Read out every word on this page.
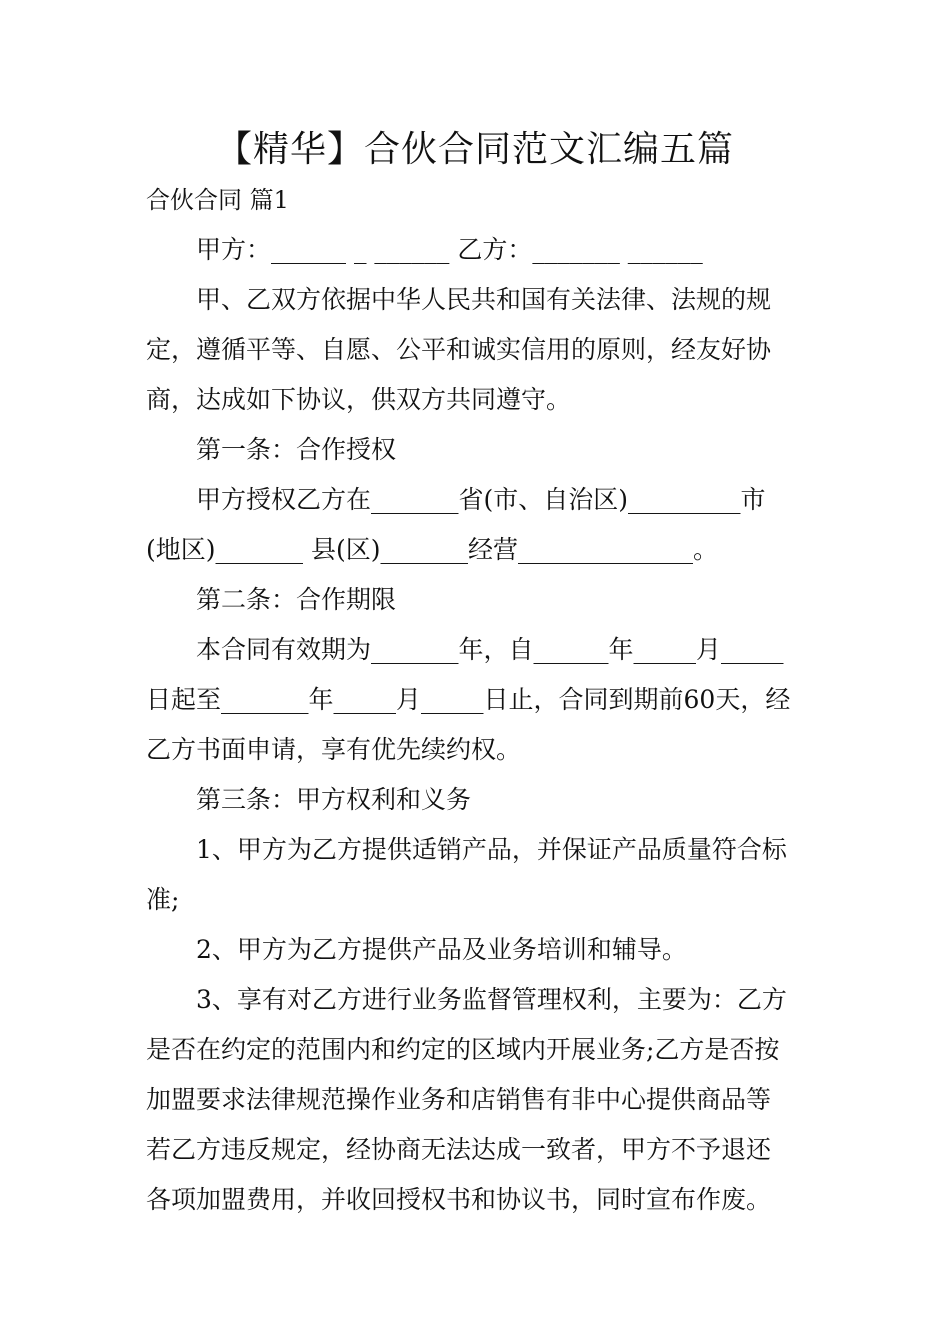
【精华】合伙合同范文汇编五篇
合伙合同 篇1

甲方：______ _ ______ 乙方：_______ ______

甲、乙双方依据中华人民共和国有关法律、法规的规

定，遵循平等、自愿、公平和诚实信用的原则，经友好协

商，达成如下协议，供双方共同遵守。

第一条：合作授权

甲方授权乙方在_______省(市、自治区)_________市

(地区)_______ 县(区)_______经营______________。

第二条：合作期限

本合同有效期为_______年，自______年_____月_____

日起至_______年_____月_____日止，合同到期前60天，经

乙方书面申请，享有优先续约权。

第三条：甲方权利和义务

1、甲方为乙方提供适销产品，并保证产品质量符合标

准;

2、甲方为乙方提供产品及业务培训和辅导。

3、享有对乙方进行业务监督管理权利，主要为：乙方

是否在约定的范围内和约定的区域内开展业务;乙方是否按

加盟要求法律规范操作业务和店销售有非中心提供商品等

若乙方违反规定，经协商无法达成一致者，甲方不予退还

各项加盟费用，并收回授权书和协议书，同时宣布作废。
